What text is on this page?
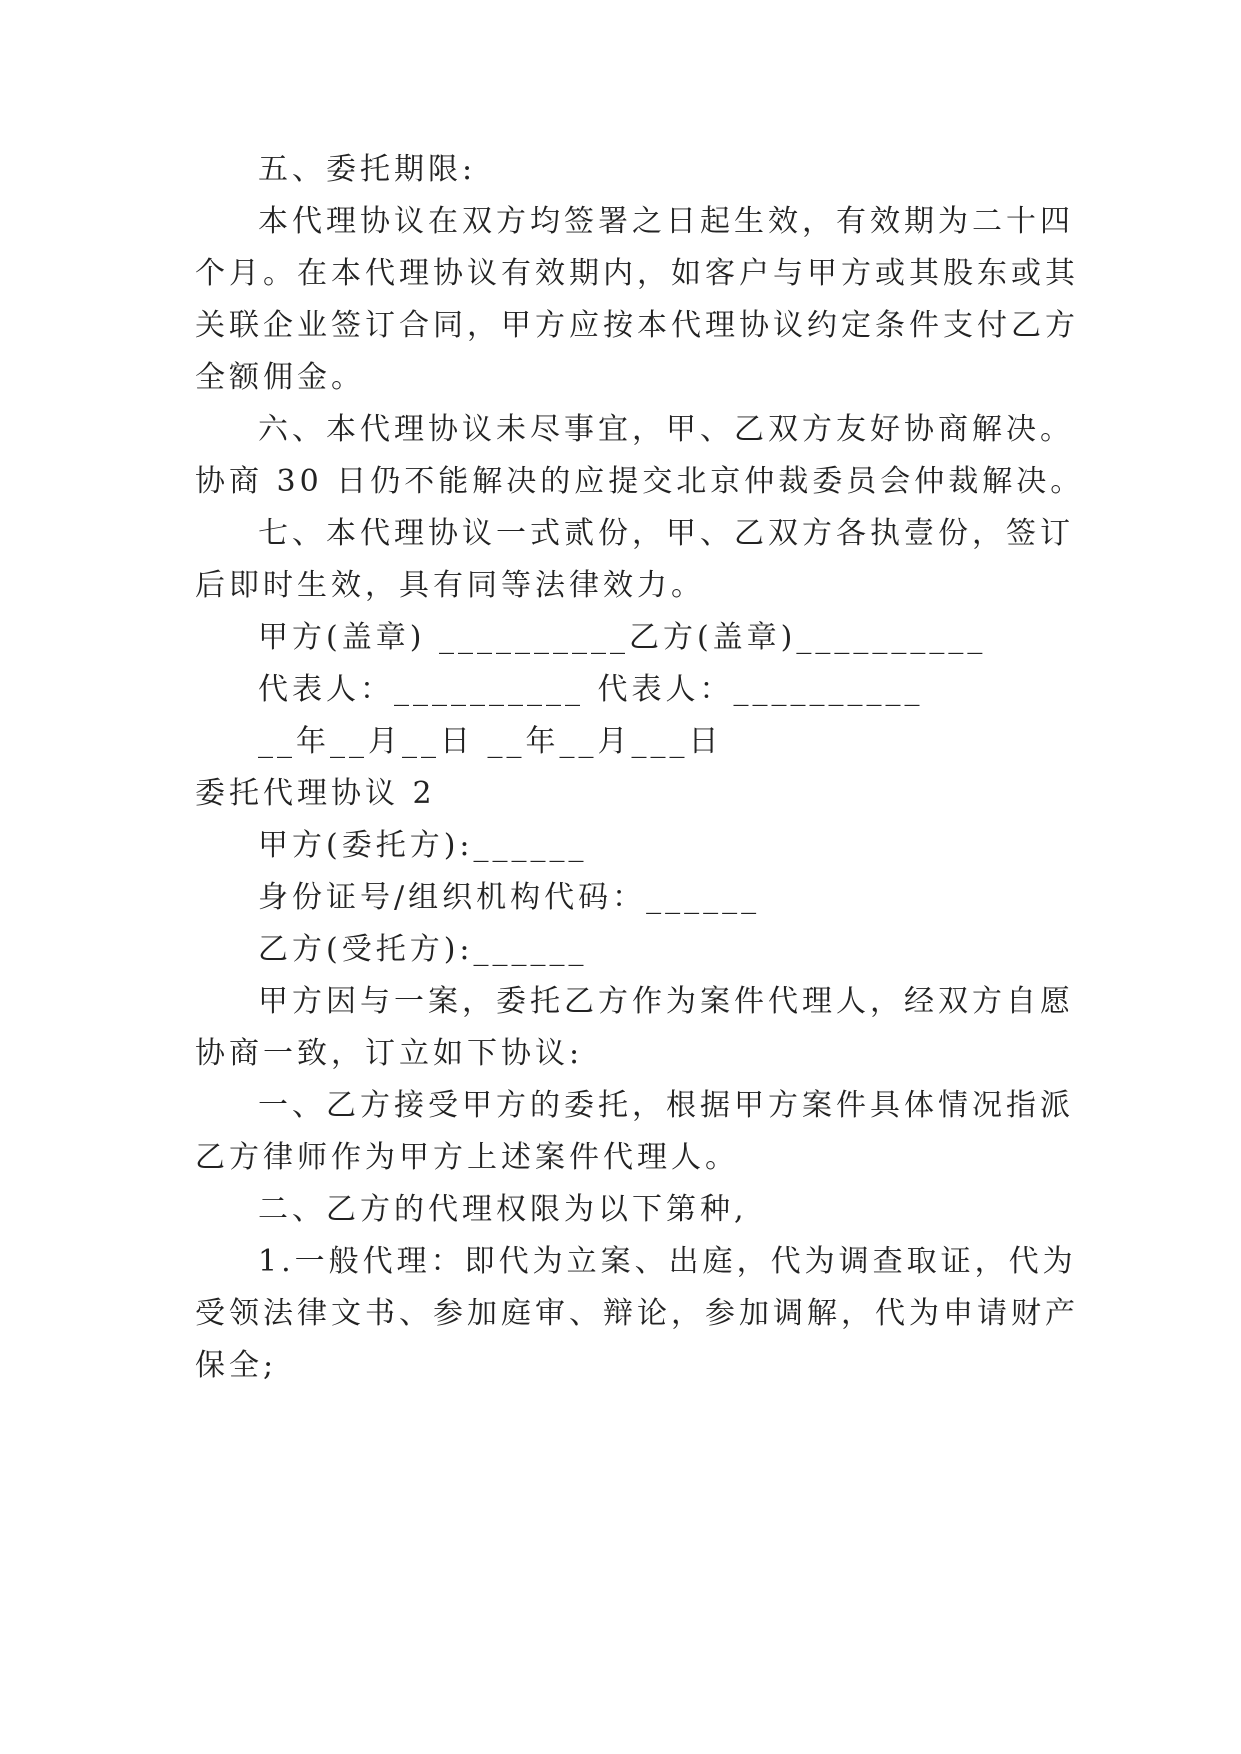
五、委托期限:
本代理协议在双方均签署之日起生效，有效期为二十四
个月。在本代理协议有效期内，如客户与甲方或其股东或其
关联企业签订合同，甲方应按本代理协议约定条件支付乙方
全额佣金。
六、本代理协议未尽事宜，甲、乙双方友好协商解决。
协商 30 日仍不能解决的应提交北京仲裁委员会仲裁解决。
七、本代理协议一式贰份，甲、乙双方各执壹份，签订
后即时生效，具有同等法律效力。
甲方(盖章) __________乙方(盖章)__________
代表人：__________ 代表人：__________
__年__月__日 __年__月___日
委托代理协议 2
甲方(委托方):______
身份证号/组织机构代码：______
乙方(受托方):______
甲方因与一案，委托乙方作为案件代理人，经双方自愿
协商一致，订立如下协议:
一、乙方接受甲方的委托，根据甲方案件具体情况指派
乙方律师作为甲方上述案件代理人。
二、乙方的代理权限为以下第种,
1.一般代理：即代为立案、出庭，代为调查取证，代为
受领法律文书、参加庭审、辩论，参加调解，代为申请财产
保全;
